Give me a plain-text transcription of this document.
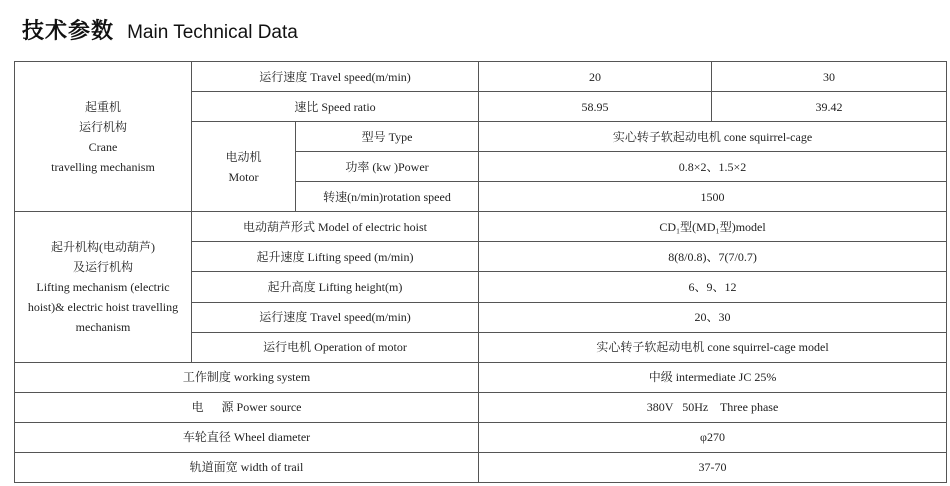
技术参数 Main Technical Data
起重机
运行机构
Crane
travelling mechanism	运行速度 Travel speed(m/min)		20	30
	速比 Speed ratio		58.95	39.42

	电动机
Motor	型号 Type	实心转子软起动电机 cone squirrel-cage	
		功率 (kw )Power	0.8×2、1.5×2	
		转速(n/min)rotation speed	1500	

起升机构(电动葫芦)
及运行机构
Lifting mechanism (electric
hoist)& electric hoist travelling
mechanism	电动葫芦形式 Model of electric hoist		CD₁型(MD₁型)model	
	起升速度 Lifting speed (m/min)		8(8/0.8)、7(7/0.7)	
	起升高度 Lifting height(m)		6、9、12	
	运行速度 Travel speed(m/min)		20、30	
	运行电机 Operation of motor		实心转子软起动电机 cone squirrel-cage model	
工作制度 working system			中级 intermediate JC 25%	
电      源 Power source			380V   50Hz    Three phase	
车轮直径 Wheel diameter			φ270	
轨道面宽 width of trail			37-70	
